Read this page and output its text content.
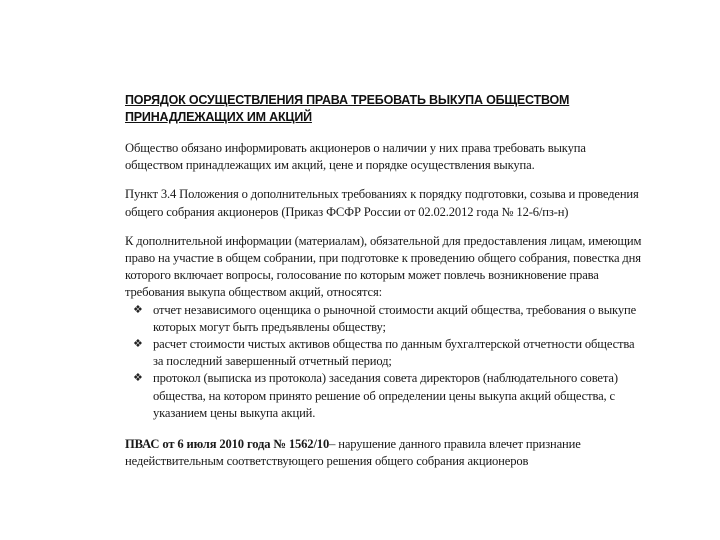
ПОРЯДОК ОСУЩЕСТВЛЕНИЯ ПРАВА ТРЕБОВАТЬ ВЫКУПА ОБЩЕСТВОМ ПРИНАДЛЕЖАЩИХ ИМ АКЦИЙ

Общество обязано информировать акционеров о наличии у них права требовать выкупа обществом принадлежащих им акций, цене и порядке осуществления выкупа.

Пункт 3.4 Положения о дополнительных требованиях к порядку подготовки, созыва и проведения общего собрания акционеров (Приказ ФСФР России от 02.02.2012 года № 12-6/пз-н)

К дополнительной информации (материалам), обязательной для предоставления лицам, имеющим право на участие в общем собрании, при подготовке к проведению общего собрания, повестка дня которого включает вопросы, голосование по которым может повлечь возникновение права требования выкупа обществом акций, относятся:

❖ отчет независимого оценщика о рыночной стоимости акций общества, требования о выкупе которых могут быть предъявлены обществу;
❖ расчет стоимости чистых активов общества по данным бухгалтерской отчетности общества за последний завершенный отчетный период;
❖ протокол (выписка из протокола) заседания совета директоров (наблюдательного совета) общества, на котором принято решение об определении цены выкупа акций общества, с указанием цены выкупа акций.

ПВАС от 6 июля 2010 года № 1562/10– нарушение данного правила влечет признание недействительным соответствующего решения общего собрания акционеров
